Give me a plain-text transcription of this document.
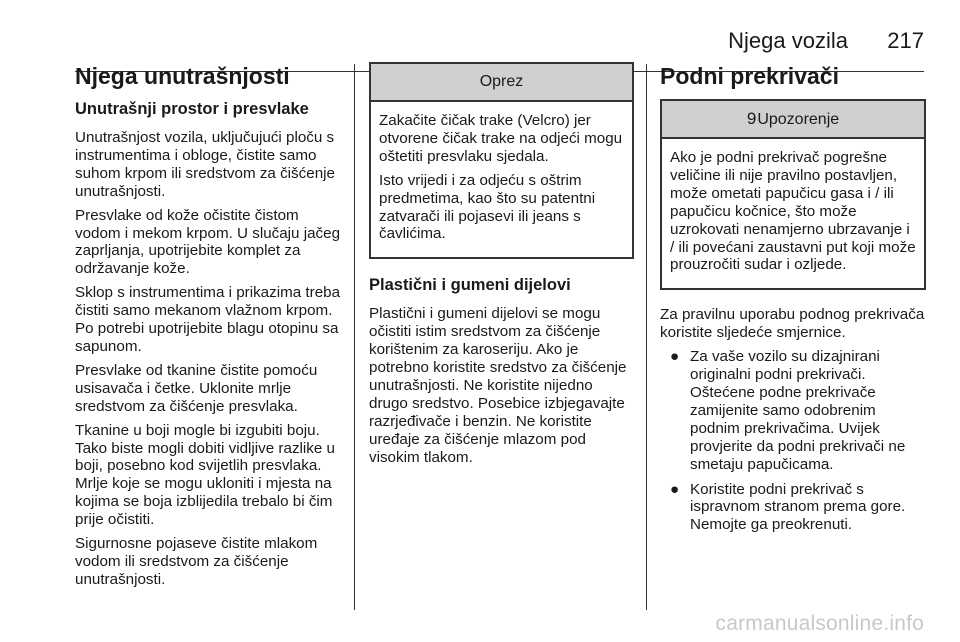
Njega vozila 217
Njega unutrašnjosti
Unutrašnji prostor i presvlake

Unutrašnjost vozila, uključujući ploču s instrumentima i obloge, čistite samo suhom krpom ili sredstvom za čišćenje unutrašnjosti.

Presvlake od kože očistite čistom vodom i mekom krpom. U slučaju jačeg zaprljanja, upotrijebite komplet za održavanje kože.

Sklop s instrumentima i prikazima treba čistiti samo mekanom vlažnom krpom. Po potrebi upotrijebite blagu otopinu sa sapunom.

Presvlake od tkanine čistite pomoću usisavača i četke. Uklonite mrlje sredstvom za čišćenje presvlaka.

Tkanine u boji mogle bi izgubiti boju. Tako biste mogli dobiti vidljive razlike u boji, posebno kod svijetlih presvlaka. Mrlje koje se mogu ukloniti i mjesta na kojima se boja izblijedila trebalo bi čim prije očistiti.

Sigurnosne pojaseve čistite mlakom vodom ili sredstvom za čišćenje unutrašnjosti.

Oprez

Zakačite čičak trake (Velcro) jer otvorene čičak trake na odjeći mogu oštetiti presvlaku sjedala.

Isto vrijedi i za odjeću s oštrim predmetima, kao što su patentni zatvarači ili pojasevi ili jeans s čavlićima.

Plastični i gumeni dijelovi

Plastični i gumeni dijelovi se mogu očistiti istim sredstvom za čišćenje korištenim za karoseriju. Ako je potrebno koristite sredstvo za čišćenje unutrašnjosti. Ne koristite nijedno drugo sredstvo. Posebice izbjegavajte razrjeđivače i benzin. Ne koristite uređaje za čišćenje mlazom pod visokim tlakom.

Podni prekrivači
9Upozorenje

Ako je podni prekrivač pogrešne veličine ili nije pravilno postavljen, može ometati papučicu gasa i / ili papučicu kočnice, što može uzrokovati nenamjerno ubrzavanje i / ili povećani zaustavni put koji može prouzročiti sudar i ozljede.

Za pravilnu uporabu podnog prekrivača koristite sljedeće smjernice.

● Za vaše vozilo su dizajnirani originalni podni prekrivači. Oštećene podne prekrivače zamijenite samo odobrenim podnim prekrivačima. Uvijek provjerite da podni prekrivači ne smetaju papučicama.
● Koristite podni prekrivač s ispravnom stranom prema gore. Nemojte ga preokrenuti.
carmanualsonline.info
